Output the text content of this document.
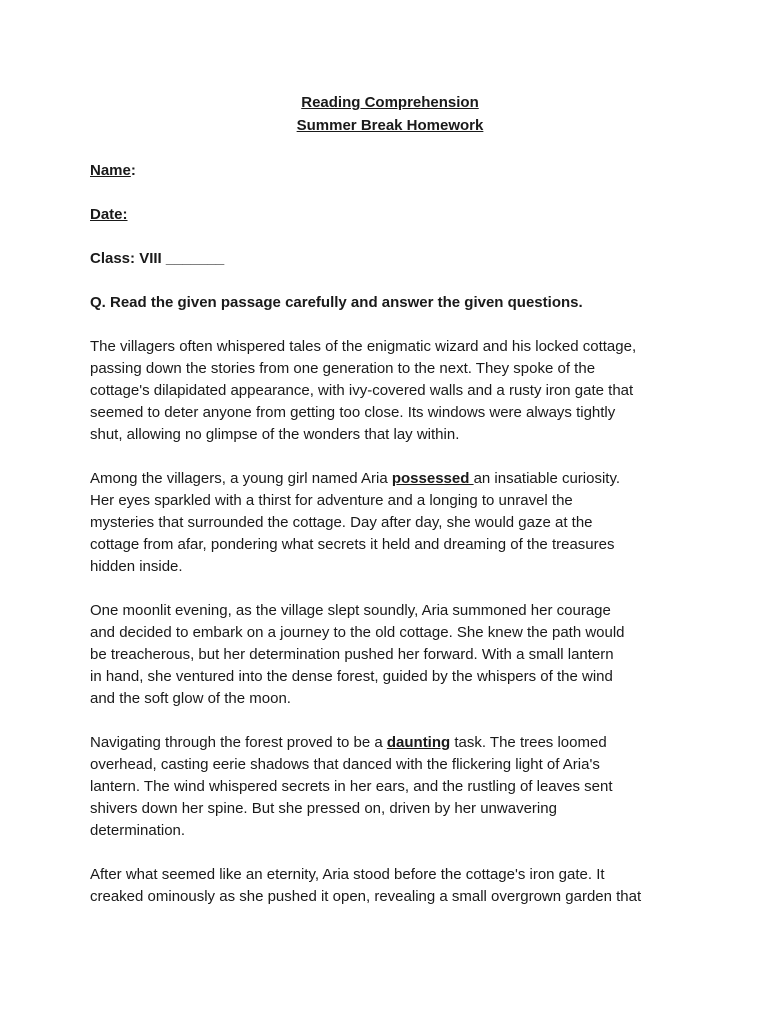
Reading Comprehension
Summer Break Homework

Name:

Date:

Class: VIII _______

Q. Read the given passage carefully and answer the given questions.

The villagers often whispered tales of the enigmatic wizard and his locked cottage,
passing down the stories from one generation to the next. They spoke of the
cottage's dilapidated appearance, with ivy-covered walls and a rusty iron gate that
seemed to deter anyone from getting too close. Its windows were always tightly
shut, allowing no glimpse of the wonders that lay within.
Among the villagers, a young girl named Aria possessed an insatiable curiosity.
Her eyes sparkled with a thirst for adventure and a longing to unravel the
mysteries that surrounded the cottage. Day after day, she would gaze at the
cottage from afar, pondering what secrets it held and dreaming of the treasures
hidden inside.
One moonlit evening, as the village slept soundly, Aria summoned her courage
and decided to embark on a journey to the old cottage. She knew the path would
be treacherous, but her determination pushed her forward. With a small lantern
in hand, she ventured into the dense forest, guided by the whispers of the wind
and the soft glow of the moon.
Navigating through the forest proved to be a daunting task. The trees loomed
overhead, casting eerie shadows that danced with the flickering light of Aria's
lantern. The wind whispered secrets in her ears, and the rustling of leaves sent
shivers down her spine. But she pressed on, driven by her unwavering
determination.
After what seemed like an eternity, Aria stood before the cottage's iron gate. It
creaked ominously as she pushed it open, revealing a small overgrown garden that
